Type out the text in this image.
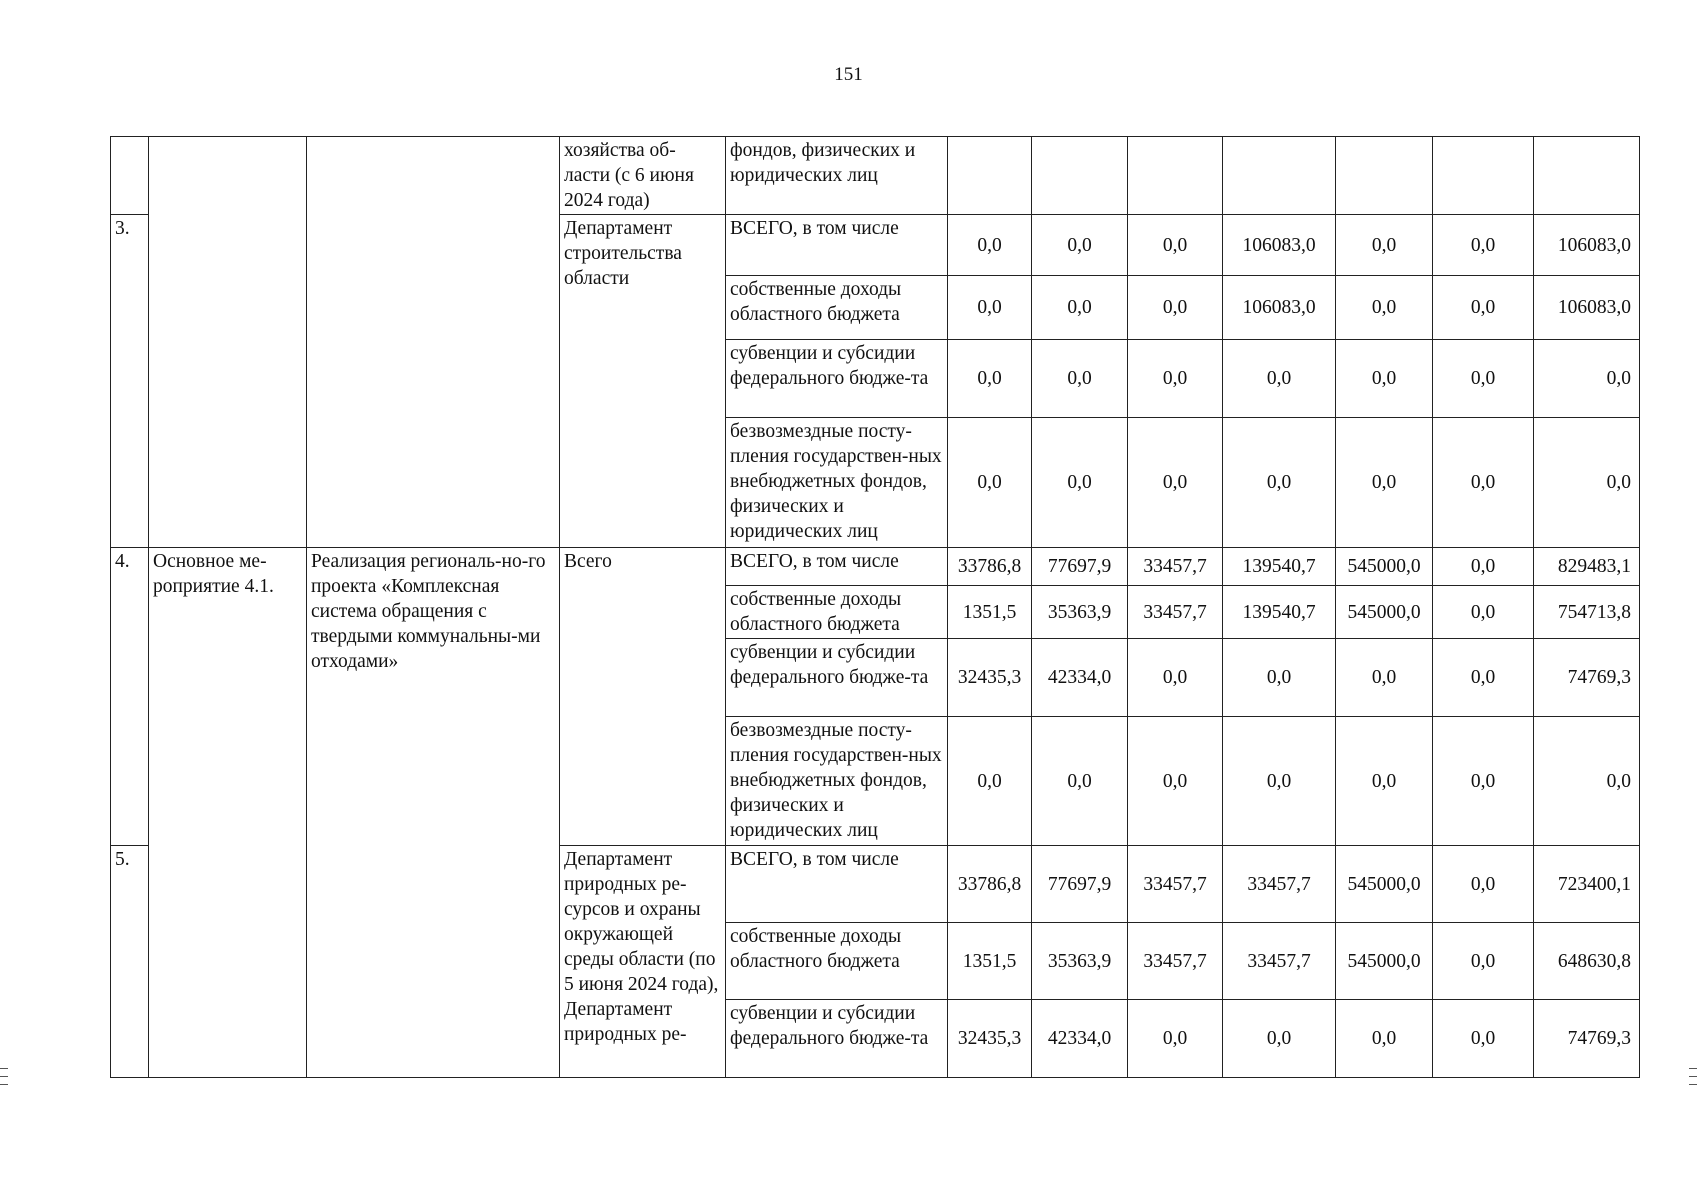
151
			хозяйства об-ласти (с 6 июня 2024 года)	фондов, физических и юридических лиц							
3.			Департамент строительства области	ВСЕГО, в том числе	0,0	0,0	0,0	106083,0	0,0	0,0	106083,0
				собственные доходы областного бюджета	0,0	0,0	0,0	106083,0	0,0	0,0	106083,0
				субвенции и субсидии федерального бюдже-та	0,0	0,0	0,0	0,0	0,0	0,0	0,0
				безвозмездные посту-пления государствен-ных внебюджетных фондов, физических и юридических лиц	0,0	0,0	0,0	0,0	0,0	0,0	0,0
4.	Основное ме-роприятие 4.1.	Реализация региональ-но-го проекта «Комплексная система обращения с твердыми коммунальны-ми отходами»	Всего	ВСЕГО, в том числе	33786,8	77697,9	33457,7	139540,7	545000,0	0,0	829483,1
				собственные доходы областного бюджета	1351,5	35363,9	33457,7	139540,7	545000,0	0,0	754713,8
				субвенции и субсидии федерального бюдже-та	32435,3	42334,0	0,0	0,0	0,0	0,0	74769,3
				безвозмездные посту-пления государствен-ных внебюджетных фондов, физических и юридических лиц	0,0	0,0	0,0	0,0	0,0	0,0	0,0
5.			Департамент природных ре-сурсов и охраны окружающей среды области (по 5 июня 2024 года), Департамент природных ре-	ВСЕГО, в том числе	33786,8	77697,9	33457,7	33457,7	545000,0	0,0	723400,1
				собственные доходы областного бюджета	1351,5	35363,9	33457,7	33457,7	545000,0	0,0	648630,8
				субвенции и субсидии федерального бюдже-та	32435,3	42334,0	0,0	0,0	0,0	0,0	74769,3
